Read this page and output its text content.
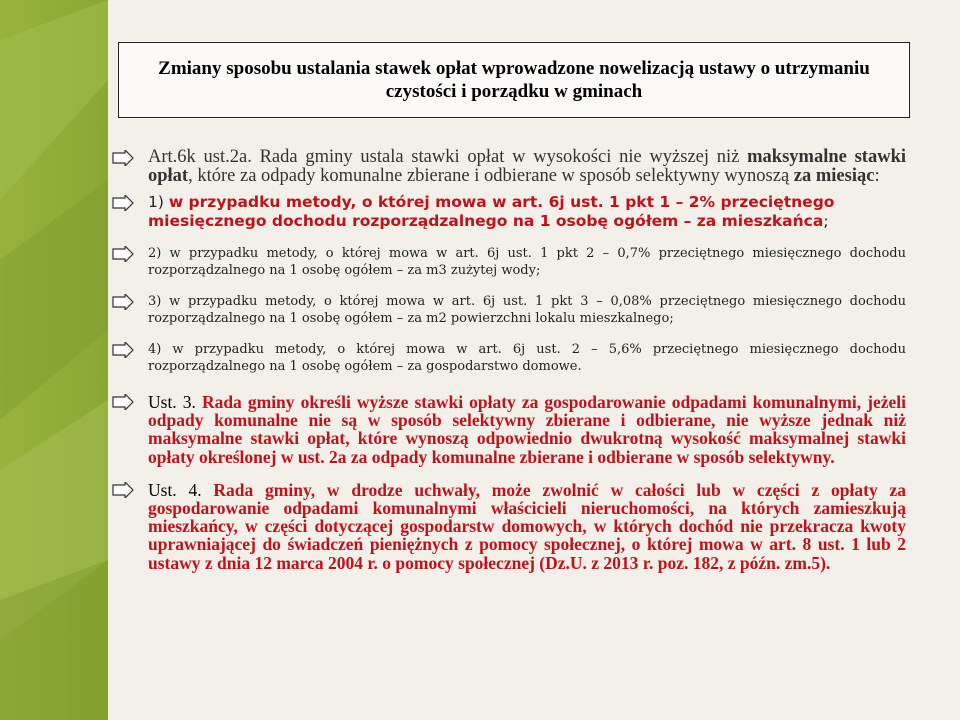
Zmiany sposobu ustalania stawek opłat wprowadzone nowelizacją ustawy o utrzymaniu czystości i porządku w gminach
Art.6k ust.2a. Rada gminy ustala stawki opłat w wysokości nie wyższej niż maksymalne stawki opłat, które za odpady komunalne zbierane i odbierane w sposób selektywny wynoszą za miesiąc:
1) w przypadku metody, o której mowa w art. 6j ust. 1 pkt 1 – 2% przeciętnego miesięcznego dochodu rozporządzalnego na 1 osobę ogółem – za mieszkańca;
2) w przypadku metody, o której mowa w art. 6j ust. 1 pkt 2 – 0,7% przeciętnego miesięcznego dochodu rozporządzalnego na 1 osobę ogółem – za m3 zużytej wody;
3) w przypadku metody, o której mowa w art. 6j ust. 1 pkt 3 – 0,08% przeciętnego miesięcznego dochodu rozporządzalnego na 1 osobę ogółem – za m2 powierzchni lokalu mieszkalnego;
4) w przypadku metody, o której mowa w art. 6j ust. 2 – 5,6% przeciętnego miesięcznego dochodu rozporządzalnego na 1 osobę ogółem – za gospodarstwo domowe.
Ust. 3. Rada gminy określi wyższe stawki opłaty za gospodarowanie odpadami komunalnymi, jeżeli odpady komunalne nie są w sposób selektywny zbierane i odbierane, nie wyższe jednak niż maksymalne stawki opłat, które wynoszą odpowiednio dwukrotną wysokość maksymalnej stawki opłaty określonej w ust. 2a za odpady komunalne zbierane i odbierane w sposób selektywny.
Ust. 4. Rada gminy, w drodze uchwały, może zwolnić w całości lub w części z opłaty za gospodarowanie odpadami komunalnymi właścicieli nieruchomości, na których zamieszkują mieszkańcy, w części dotyczącej gospodarstw domowych, w których dochód nie przekracza kwoty uprawniającej do świadczeń pieniężnych z pomocy społecznej, o której mowa w art. 8 ust. 1 lub 2 ustawy z dnia 12 marca 2004 r. o pomocy społecznej (Dz.U. z 2013 r. poz. 182, z późn. zm.5).
